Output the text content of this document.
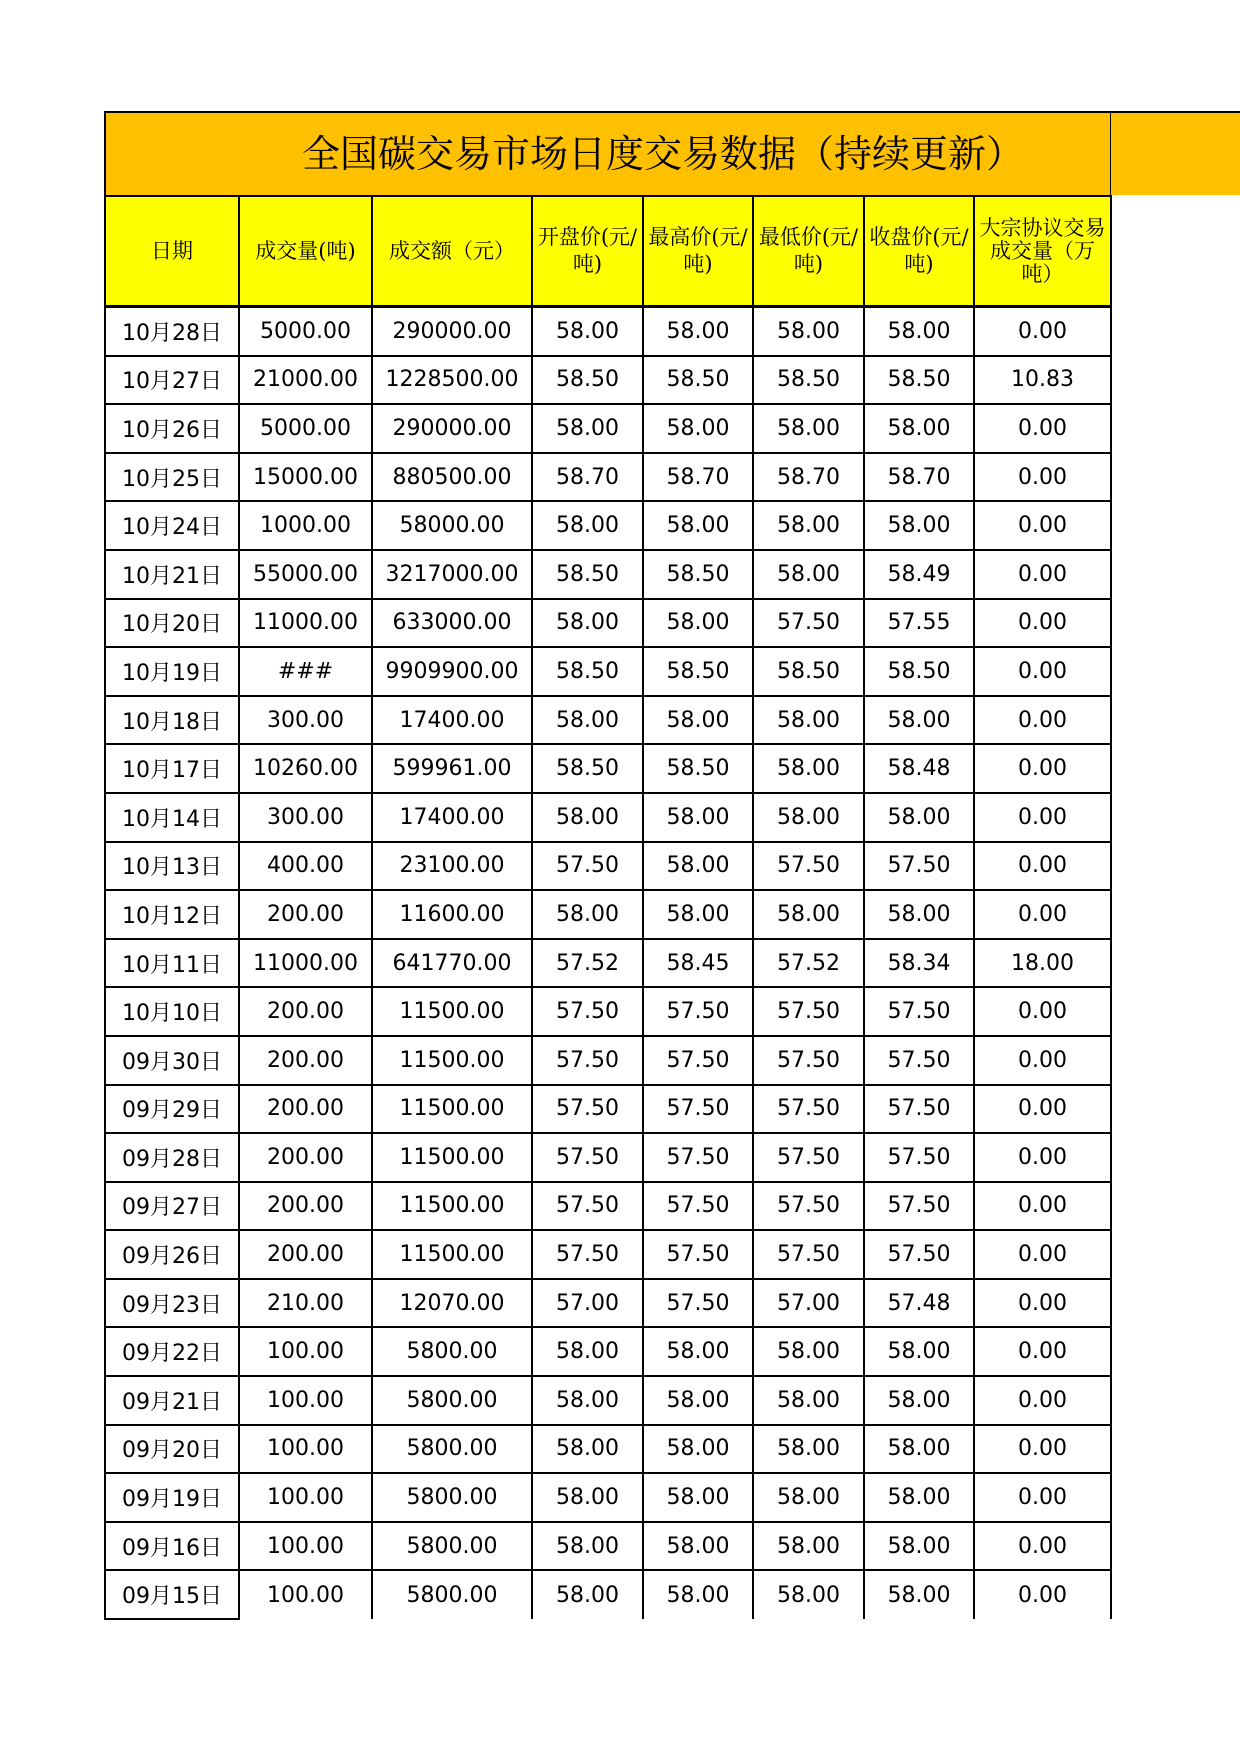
全国碳交易市场日度交易数据（持续更新）
日期	成交量(吨)	成交额（元）	开盘价(元/吨)	最高价(元/吨)	最低价(元/吨)	收盘价(元/吨)	大宗协议交易成交量（万吨）
10月28日	5000.00	290000.00	58.00	58.00	58.00	58.00	0.00
10月27日	21000.00	1228500.00	58.50	58.50	58.50	58.50	10.83
10月26日	5000.00	290000.00	58.00	58.00	58.00	58.00	0.00
10月25日	15000.00	880500.00	58.70	58.70	58.70	58.70	0.00
10月24日	1000.00	58000.00	58.00	58.00	58.00	58.00	0.00
10月21日	55000.00	3217000.00	58.50	58.50	58.00	58.49	0.00
10月20日	11000.00	633000.00	58.00	58.00	57.50	57.55	0.00
10月19日	###	9909900.00	58.50	58.50	58.50	58.50	0.00
10月18日	300.00	17400.00	58.00	58.00	58.00	58.00	0.00
10月17日	10260.00	599961.00	58.50	58.50	58.00	58.48	0.00
10月14日	300.00	17400.00	58.00	58.00	58.00	58.00	0.00
10月13日	400.00	23100.00	57.50	58.00	57.50	57.50	0.00
10月12日	200.00	11600.00	58.00	58.00	58.00	58.00	0.00
10月11日	11000.00	641770.00	57.52	58.45	57.52	58.34	18.00
10月10日	200.00	11500.00	57.50	57.50	57.50	57.50	0.00
09月30日	200.00	11500.00	57.50	57.50	57.50	57.50	0.00
09月29日	200.00	11500.00	57.50	57.50	57.50	57.50	0.00
09月28日	200.00	11500.00	57.50	57.50	57.50	57.50	0.00
09月27日	200.00	11500.00	57.50	57.50	57.50	57.50	0.00
09月26日	200.00	11500.00	57.50	57.50	57.50	57.50	0.00
09月23日	210.00	12070.00	57.00	57.50	57.00	57.48	0.00
09月22日	100.00	5800.00	58.00	58.00	58.00	58.00	0.00
09月21日	100.00	5800.00	58.00	58.00	58.00	58.00	0.00
09月20日	100.00	5800.00	58.00	58.00	58.00	58.00	0.00
09月19日	100.00	5800.00	58.00	58.00	58.00	58.00	0.00
09月16日	100.00	5800.00	58.00	58.00	58.00	58.00	0.00
09月15日	100.00	5800.00	58.00	58.00	58.00	58.00	0.00
